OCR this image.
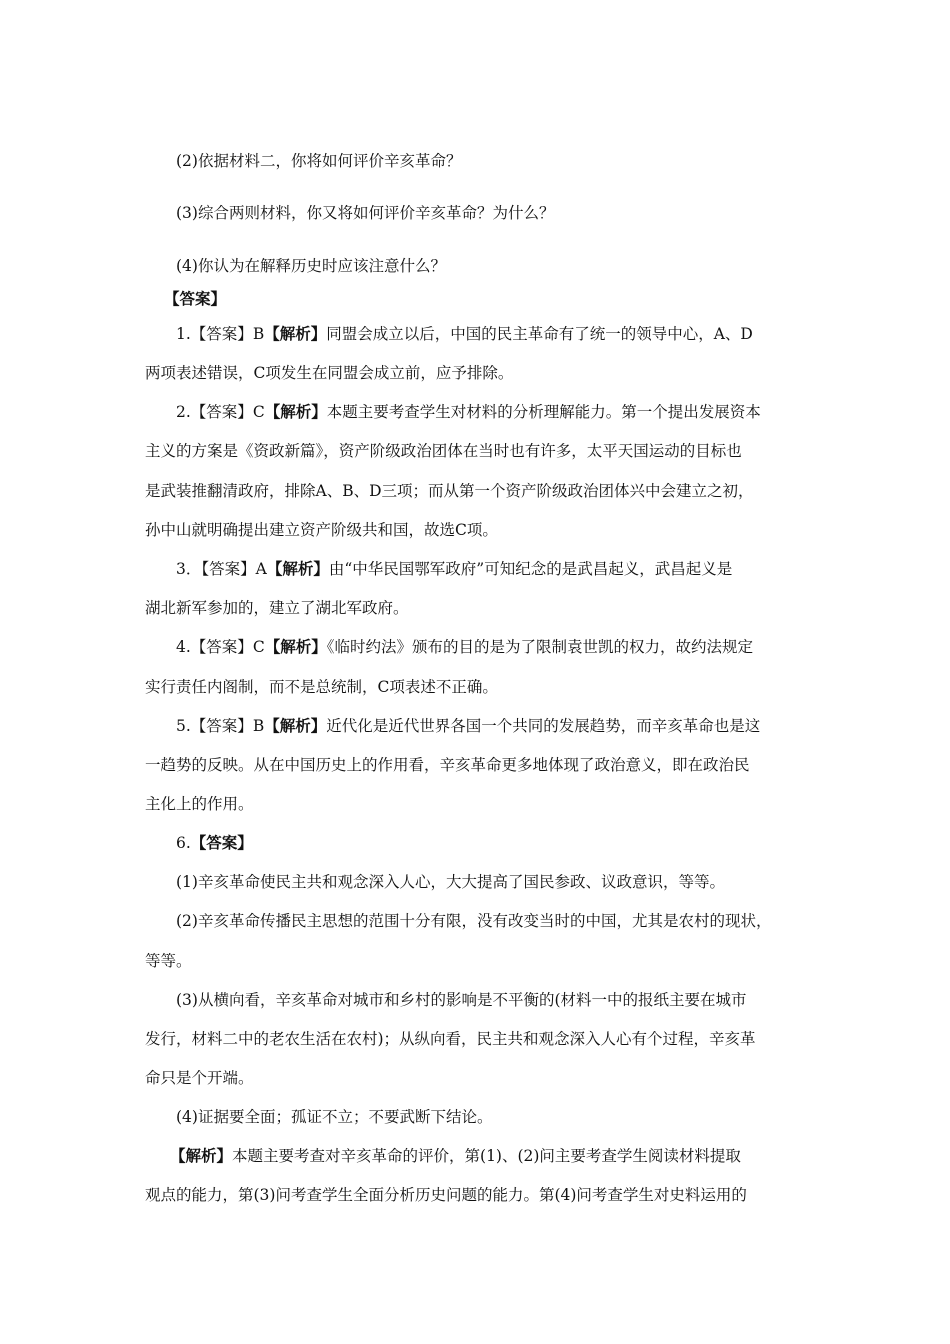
(2)依据材料二，你将如何评价辛亥革命？

(3)综合两则材料，你又将如何评价辛亥革命？为什么？

(4)你认为在解释历史时应该注意什么？

【答案】

1.【答案】B【解析】同盟会成立以后，中国的民主革命有了统一的领导中心，A、D

两项表述错误，C项发生在同盟会成立前，应予排除。

2.【答案】C【解析】本题主要考查学生对材料的分析理解能力。第一个提出发展资本

主义的方案是《资政新篇》，资产阶级政治团体在当时也有许多，太平天国运动的目标也

是武装推翻清政府，排除A、B、D三项；而从第一个资产阶级政治团体兴中会建立之初，

孙中山就明确提出建立资产阶级共和国，故选C项。

3．【答案】A【解析】由“中华民国鄂军政府”可知纪念的是武昌起义，武昌起义是

湖北新军参加的，建立了湖北军政府。

4.【答案】C【解析】《临时约法》颁布的目的是为了限制袁世凯的权力，故约法规定

实行责任内阁制，而不是总统制，C项表述不正确。

5.【答案】B【解析】近代化是近代世界各国一个共同的发展趋势，而辛亥革命也是这

一趋势的反映。从在中国历史上的作用看，辛亥革命更多地体现了政治意义，即在政治民

主化上的作用。

6.【答案】

(1)辛亥革命使民主共和观念深入人心，大大提高了国民参政、议政意识，等等。

(2)辛亥革命传播民主思想的范围十分有限，没有改变当时的中国，尤其是农村的现状，

等等。

(3)从横向看，辛亥革命对城市和乡村的影响是不平衡的(材料一中的报纸主要在城市

发行，材料二中的老农生活在农村)；从纵向看，民主共和观念深入人心有个过程，辛亥革

命只是个开端。

(4)证据要全面；孤证不立；不要武断下结论。

【解析】本题主要考查对辛亥革命的评价，第(1)、(2)问主要考查学生阅读材料提取

观点的能力，第(3)问考查学生全面分析历史问题的能力。第(4)问考查学生对史料运用的
